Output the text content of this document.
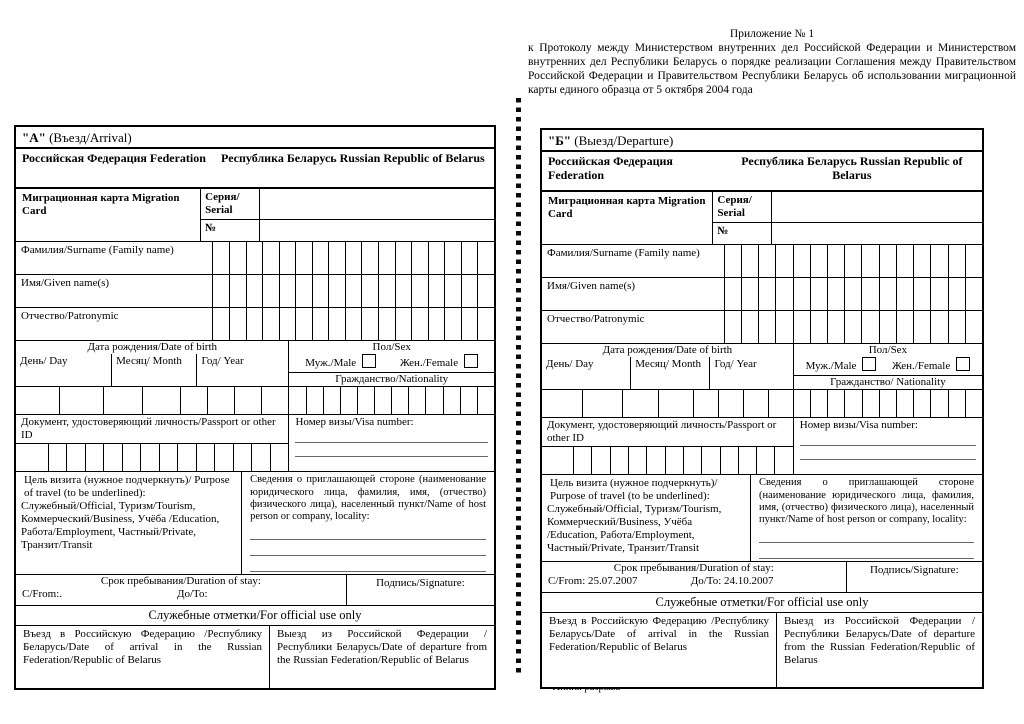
Приложение № 1
к Протоколу между Министерством внутренних дел Российской Федерации и Министерством внутренних дел Республики Беларусь о порядке реализации Соглашения между Правительством Российской Федерации и Правительством Республики Беларусь об использовании миграционной карты единого образца от 5 октября 2004 года
"А" (Въезд/Arrival)
Российская Федерация Federation	Республика Беларусь Russian Republic of Belarus
Миграционная карта Migration Card
Серия/ Serial
№
Фамилия/Surname (Family name)
Имя/Given name(s)
Отчество/Patronymic
Дата рождения/Date of birth
День/ Day	Месяц/ Month	Год/ Year
Пол/Sex
Муж./Male	Жен./Female
Гражданство/Nationality
Документ, удостоверяющий личность/Passport or other ID
Номер визы/Visa number:
Цель визита (нужное подчеркнуть)/ Purpose of travel (to be underlined):
Служебный/Official, Туризм/Tourism, Коммерческий/Business, Учёба /Education, Работа/Employment, Частный/Private, Транзит/Transit
Сведения о приглашающей стороне (наименование юридического лица, фамилия, имя, (отчество) физического лица), населенный пункт/Name of host person or company, locality:
Срок пребывания/Duration of stay:
С/From:.	До/To:
Подпись/Signature:
Служебные отметки/For official use only
Въезд в Российскую Федерацию /Республику Беларусь/Date of arrival in the Russian Federation/Republic of Belarus
Выезд из Российской Федерации /Республики Беларусь/Date of departure from the Russian Federation/Republic of Belarus
"Б" (Выезд/Departure)
Российская Федерация Federation
Республика Беларусь Russian Republic of Belarus
Миграционная карта Migration Card
Серия/ Serial
№
Фамилия/Surname (Family name)
Имя/Given name(s)
Отчество/Patronymic
Дата рождения/Date of birth
День/ Day	Месяц/ Month	Год/ Year
Пол/Sex
Муж./Male	Жен./Female
Гражданство/ Nationality
Документ, удостоверяющий личность/Passport or other ID
Номер визы/Visa number:
Цель визита (нужное подчеркнуть)/ Purpose of travel (to be underlined):
Служебный/Official, Туризм/Tourism, Коммерческий/Business, Учёба /Education, Работа/Employment, Частный/Private, Транзит/Transit
Сведения о приглашающей стороне (наименование юридического лица, фамилия, имя, (отчество) физического лица), населенный пункт/Name of host person or company, locality:
Срок пребывания/Duration of stay:
С/From: 25.07.2007	До/To: 24.10.2007
Подпись/Signature:
Служебные отметки/For official use only
Въезд в Российскую Федерацию /Республику Беларусь/Date of arrival in the Russian Federation/Republic of Belarus
Выезд из Российской Федерации /Республики Беларусь/Date of departure from the Russian Federation/Republic of Belarus
